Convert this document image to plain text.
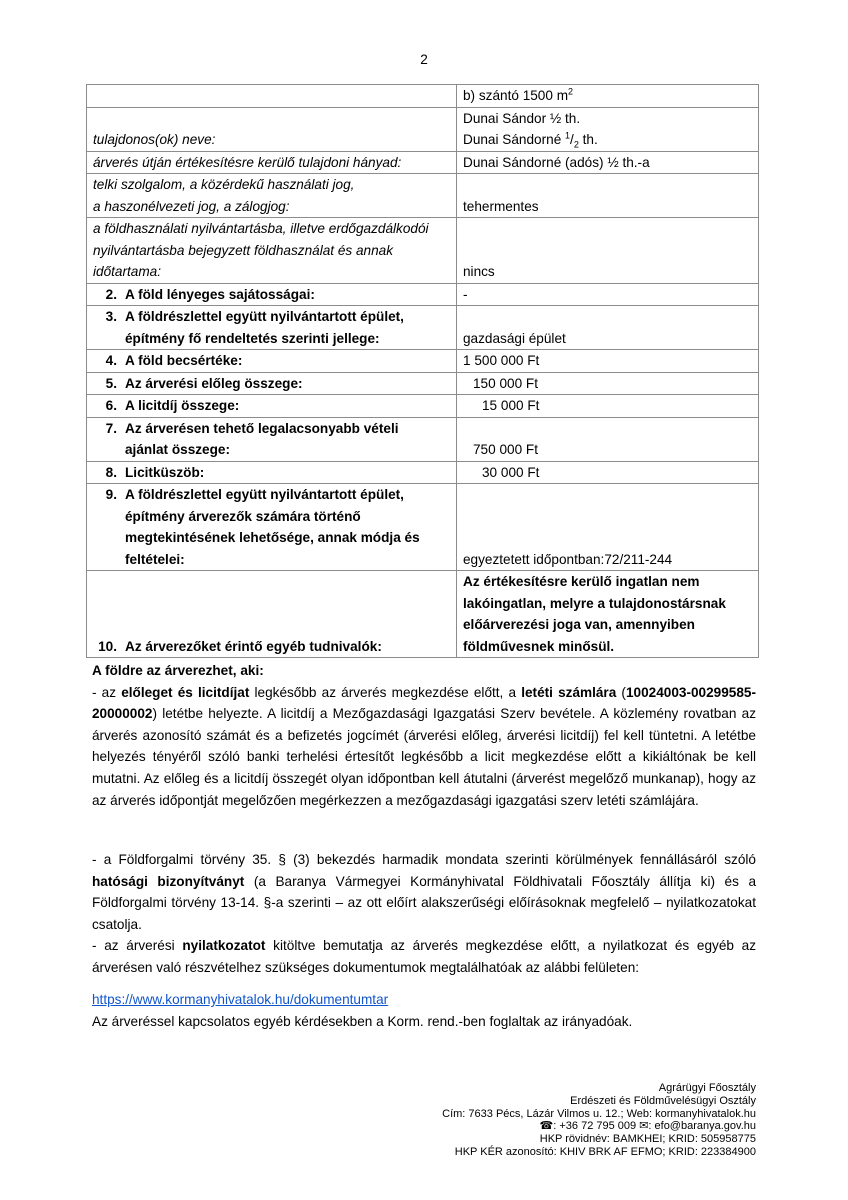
2
	b) szántó 1500 $m^2$
tulajdonos(ok) neve:	Dunai Sándor ½ th.
Dunai Sándorné $^1/_2$ th.

árverés útján értékesítésre kerülő tulajdoni hányad:	Dunai Sándorné (adós) ½ th.-a

telki szolgalom, a közérdekű használati jog,
a haszonélvezeti jog, a zálogjog:	tehermentes

a földhasználati nyilvántartásba, illetve erdőgazdálkodói
nyilvántartásba bejegyzett földhasználat és annak
időtartama:	nincs
2. A föld lényeges sajátosságai:	-

3. A földrészlettel együtt nyilvántartott épület,
építmény fő rendeltetés szerinti jellege:	gazdasági épület
4. A föld becsértéke:	1 500 000 Ft
5. Az árverési előleg összege:	150 000 Ft
6. A licitdíj összege:	15 000 Ft

7. Az árverésen tehető legalacsonyabb vételi
ajánlat összege:	750 000 Ft
8. Licitküszöb:	30 000 Ft

9. A földrészlettel együtt nyilvántartott épület,
építmény árverezők számára történő
megtekintésének lehetősége, annak módja és
feltételei:	egyeztetett időpontban:72/211-244
10. Az árverezőket érintő egyéb tudnivalók:	Az értékesítésre kerülő ingatlan nem
lakóingatlan, melyre a tulajdonostársnak
előárverezési joga van, amennyiben
földművesnek minősül.

A földre az árverezhet, aki:

- az előleget és licitdíjat legkésőbb az árverés megkezdése előtt, a letéti számlára (10024003-00299585-20000002) letétbe helyezte. A licitdíj a Mezőgazdasági Igazgatási Szerv bevétele. A közlemény rovatban az árverés azonosító számát és a befizetés jogcímét (árverési előleg, árverési licitdíj) fel kell tüntetni. A letétbe helyezés tényéről szóló banki terhelési értesítőt legkésőbb a licit megkezdése előtt a kikiáltónak be kell mutatni. Az előleg és a licitdíj összegét olyan időpontban kell átutalni (árverést megelőző munkanap), hogy az az árverés időpontját megelőzően megérkezzen a mezőgazdasági igazgatási szerv letéti számlájára.

- a Földforgalmi törvény 35. § (3) bekezdés harmadik mondata szerinti körülmények fennállásáról szóló hatósági bizonyítványt (a Baranya Vármegyei Kormányhivatal Földhivatali Főosztály állítja ki) és a Földforgalmi törvény 13-14. §-a szerinti – az ott előírt alakszerűségi előírásoknak megfelelő – nyilatkozatokat csatolja.

- az árverési nyilatkozatot kitöltve bemutatja az árverés megkezdése előtt, a nyilatkozat és egyéb az árverésen való részvételhez szükséges dokumentumok megtalálhatóak az alábbi felületen:

https://www.kormanyhivatalok.hu/dokumentumtar

Az árveréssel kapcsolatos egyéb kérdésekben a Korm. rend.-ben foglaltak az irányadóak.

Agrárügyi Főosztály
Erdészeti és Földművelésügyi Osztály
Cím: 7633 Pécs, Lázár Vilmos u. 12.; Web: kormanyhivatalok.hu
☎: +36 72 795 009 ✉: efo@baranya.gov.hu
HKP rövidnév: BAMKHEI; KRID: 505958775
HKP KÉR azonosító: KHIV BRK AF EFMO; KRID: 223384900
